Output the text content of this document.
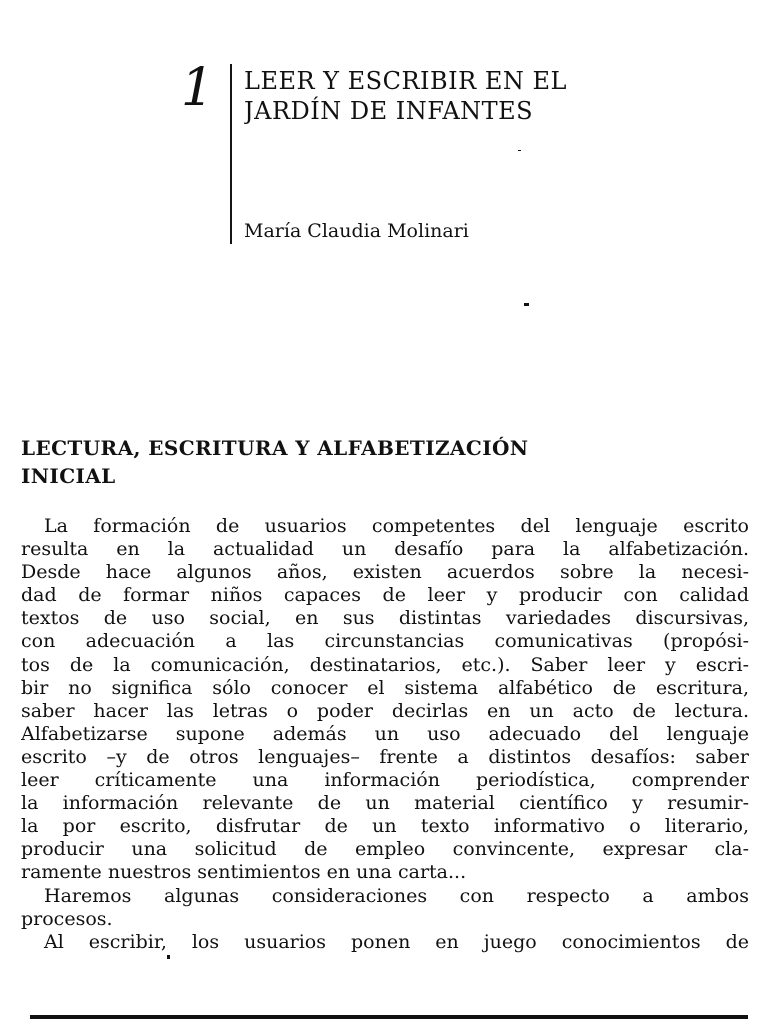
1 LEER Y ESCRIBIR EN EL
JARDÍN DE INFANTES
María Claudia Molinari
LECTURA, ESCRITURA Y ALFABETIZACIÓN
INICIAL
La formación de usuarios competentes del lenguaje escrito
resulta en la actualidad un desafío para la alfabetización.
Desde hace algunos años, existen acuerdos sobre la necesi-
dad de formar niños capaces de leer y producir con calidad
textos de uso social, en sus distintas variedades discursivas,
con adecuación a las circunstancias comunicativas (propósi-
tos de la comunicación, destinatarios, etc.). Saber leer y escri-
bir no significa sólo conocer el sistema alfabético de escritura,
saber hacer las letras o poder decirlas en un acto de lectura.
Alfabetizarse supone además un uso adecuado del lenguaje
escrito –y de otros lenguajes– frente a distintos desafíos: saber
leer críticamente una información periodística, comprender
la información relevante de un material científico y resumir-
la por escrito, disfrutar de un texto informativo o literario,
producir una solicitud de empleo convincente, expresar cla-
ramente nuestros sentimientos en una carta...
Haremos algunas consideraciones con respecto a ambos
procesos.
Al escribir, los usuarios ponen en juego conocimientos de
